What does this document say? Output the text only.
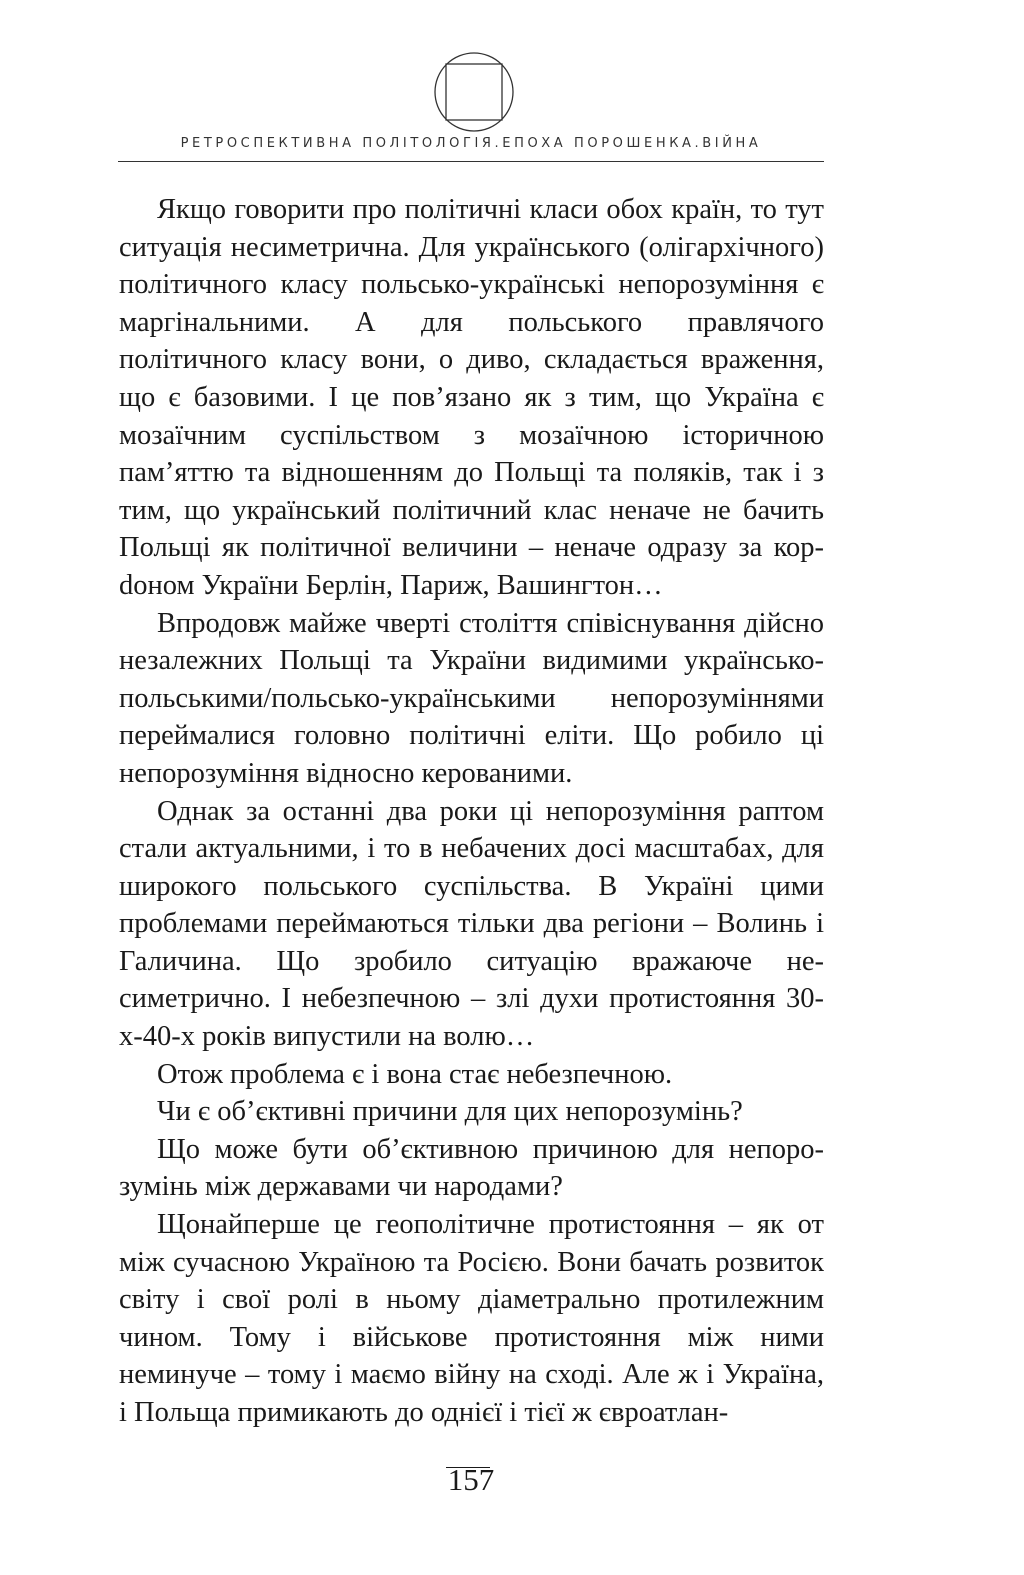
РЕТРОСПЕКТИВНА ПОЛІТОЛОГІЯ.ЕПОХА ПОРОШЕНКА.ВІЙНА

Якщо говорити про політичні класи обох країн, то тут ситуація несиметрична. Для українського (олігархічного) політичного класу польсько-українські непорозуміння є маргінальними. А для польського правлячого політичного класу вони, о диво, складається враження, що є базовими. І це пов’язано як з тим, що Україна є мозаїчним суспільством з мозаїчною історичною пам’яттю та відношенням до Польщі та поляків, так і з тим, що український політичний клас неначе не бачить Польщі як політичної величини – неначе одразу за корdоном України Берлін, Париж, Вашингтон…

Впродовж майже чверті століття співіснування дійсно незалежних Польщі та України видимими українсько-польськими/польсько-українськими непорозуміннями переймалися головно політичні еліти. Що робило ці непорозуміння відносно керованими.

Однак за останні два роки ці непорозуміння раптом стали актуальними, і то в небачених досі масштабах, для широкого польського суспільства. В Україні цими проблемами переймаються тільки два регіони – Волинь і Галичина. Що зробило ситуацію вражаюче несиметрично. І небезпечною – злі духи протистояння 30-х-40-х років випустили на волю…

Отож проблема є і вона стає небезпечною.

Чи є об’єктивні причини для цих непорозумінь?

Що може бути об’єктивною причиною для непорозумінь між державами чи народами?

Щонайперше це геополітичне протистояння – як от між сучасною Україною та Росією. Вони бачать розвиток світу і свої ролі в ньому діаметрально протилежним чином. Тому і військове протистояння між ними неминуче – тому і маємо війну на сході. Але ж і Україна, і Польща примикають до однієї і тієї ж євроатлан-

157
